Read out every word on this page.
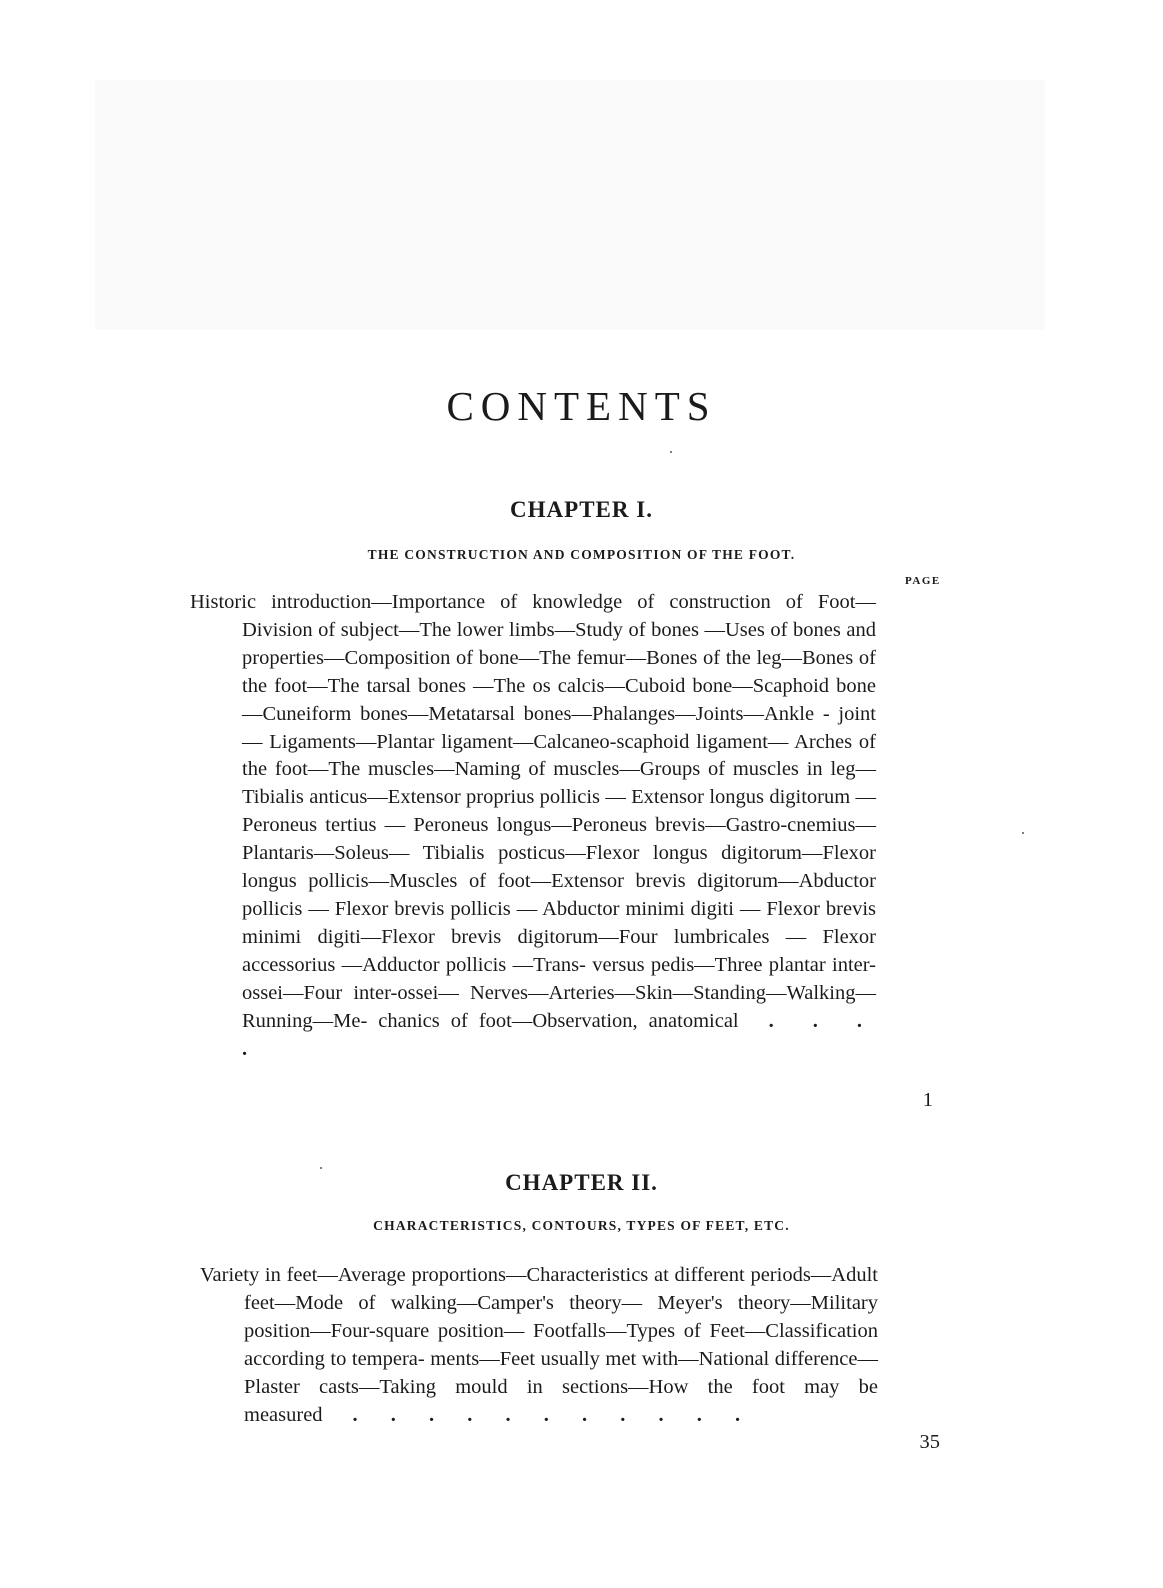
CONTENTS
CHAPTER I.
THE CONSTRUCTION AND COMPOSITION OF THE FOOT.
PAGE
Historic introduction—Importance of knowledge of construction of Foot—Division of subject—The lower limbs—Study of bones —Uses of bones and properties—Composition of bone—The femur—Bones of the leg—Bones of the foot—The tarsal bones —The os calcis—Cuboid bone—Scaphoid bone—Cuneiform bones—Metatarsal bones—Phalanges—Joints—Ankle - joint— Ligaments—Plantar ligament—Calcaneo-scaphoid ligament— Arches of the foot—The muscles—Naming of muscles—Groups of muscles in leg—Tibialis anticus—Extensor proprius pollicis — Extensor longus digitorum — Peroneus tertius — Peroneus longus—Peroneus brevis—Gastro-cnemius—Plantaris—Soleus— Tibialis posticus—Flexor longus digitorum—Flexor longus pollicis—Muscles of foot—Extensor brevis digitorum—Abductor pollicis — Flexor brevis pollicis — Abductor minimi digiti — Flexor brevis minimi digiti—Flexor brevis digitorum—Four lumbricales — Flexor accessorius —Adductor pollicis —Trans- versus pedis—Three plantar inter-ossei—Four inter-ossei— Nerves—Arteries—Skin—Standing—Walking—Running—Me- chanics of foot—Observation, anatomical . . . .
1
CHAPTER II.
CHARACTERISTICS, CONTOURS, TYPES OF FEET, ETC.
Variety in feet—Average proportions—Characteristics at different periods—Adult feet—Mode of walking—Camper's theory— Meyer's theory—Military position—Four-square position— Footfalls—Types of Feet—Classification according to tempera- ments—Feet usually met with—National difference—Plaster casts—Taking mould in sections—How the foot may be measured . . . . . . . . . . .
35
